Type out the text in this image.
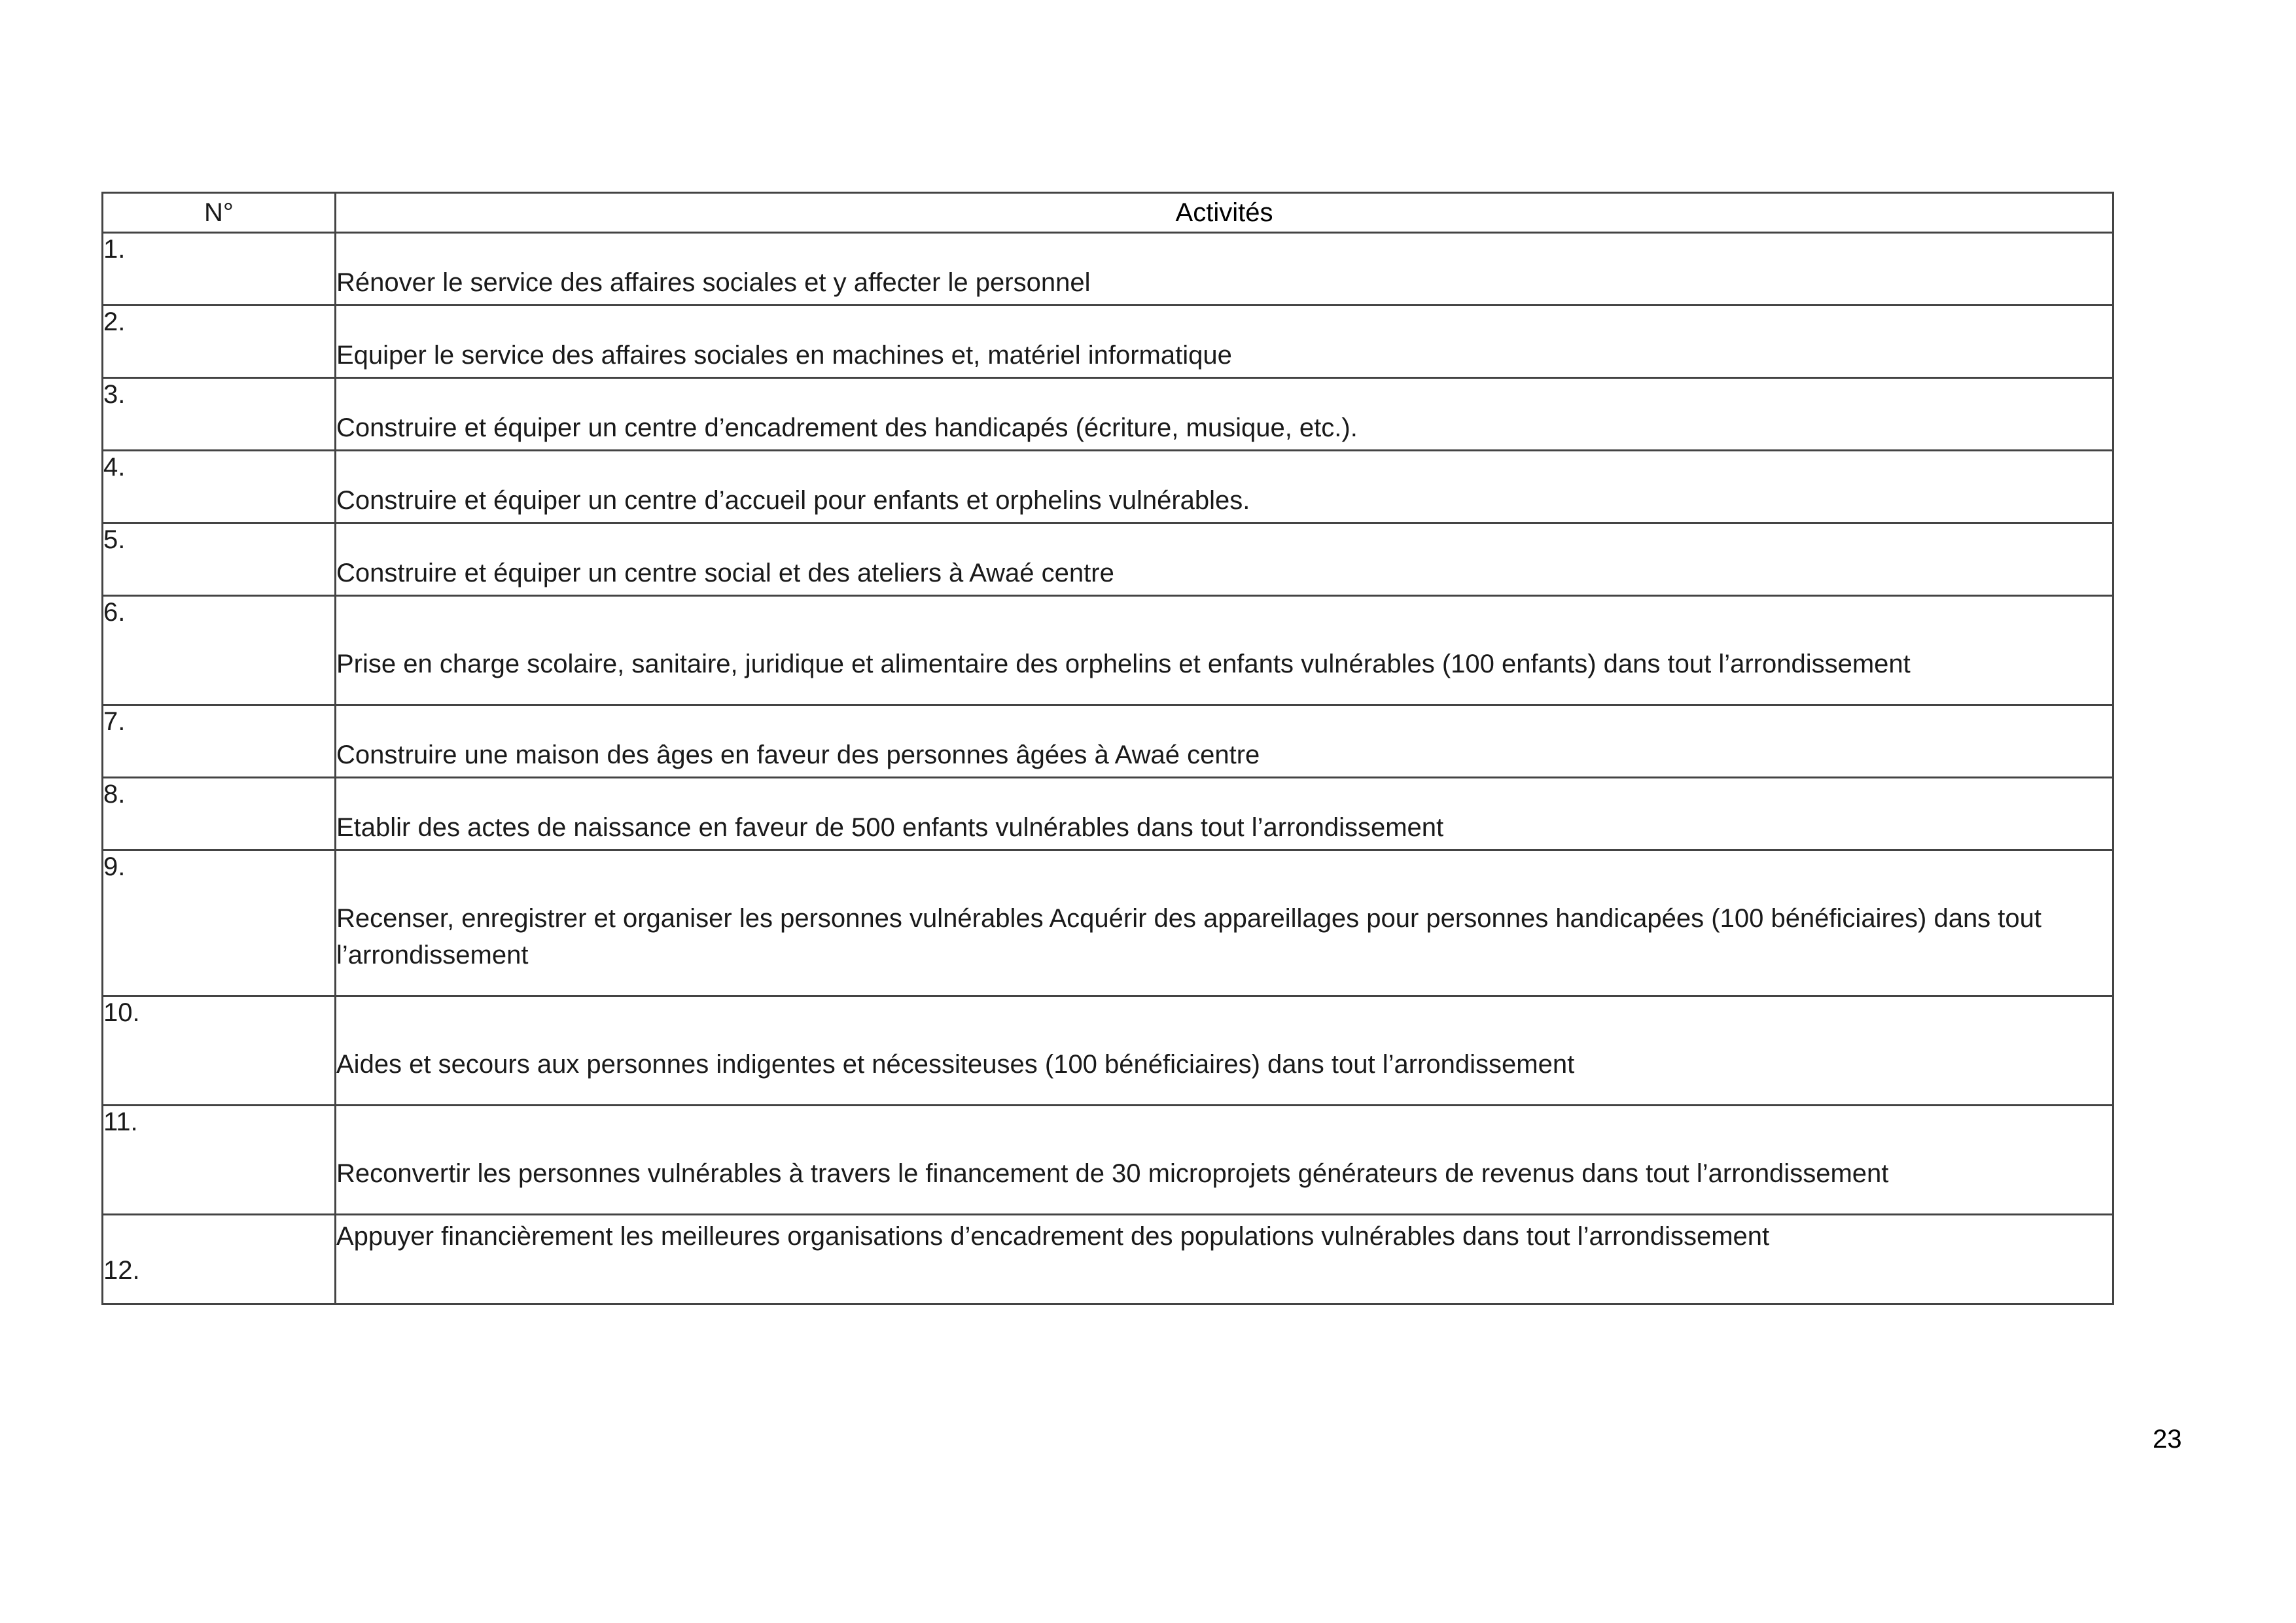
N°	Activités
1.	Rénover le service des affaires sociales et y affecter le personnel

2.	Equiper le service des affaires sociales en machines et, matériel informatique

3.	Construire et équiper un centre d’encadrement des handicapés (écriture, musique, etc.).

4.	Construire et équiper un centre d’accueil pour enfants et orphelins vulnérables.

5.	Construire et équiper un centre social et des ateliers à Awaé centre

6.	Prise en charge scolaire, sanitaire, juridique et alimentaire des orphelins et enfants vulnérables (100 enfants) dans tout l’arrondissement

7.	Construire une maison des âges en faveur des personnes âgées à Awaé centre

8.	Etablir des actes de naissance en faveur de 500 enfants vulnérables dans tout l’arrondissement

9.	Recenser, enregistrer et organiser les personnes vulnérables Acquérir des appareillages pour personnes handicapées (100 bénéficiaires) dans tout l’arrondissement

10.	Aides et secours aux personnes indigentes et nécessiteuses (100 bénéficiaires) dans tout l’arrondissement

11.	Reconvertir les personnes vulnérables à travers le financement de 30 microprojets générateurs de revenus dans tout l’arrondissement

12.	Appuyer financièrement les meilleures organisations d’encadrement des populations vulnérables dans tout l’arrondissement
23
